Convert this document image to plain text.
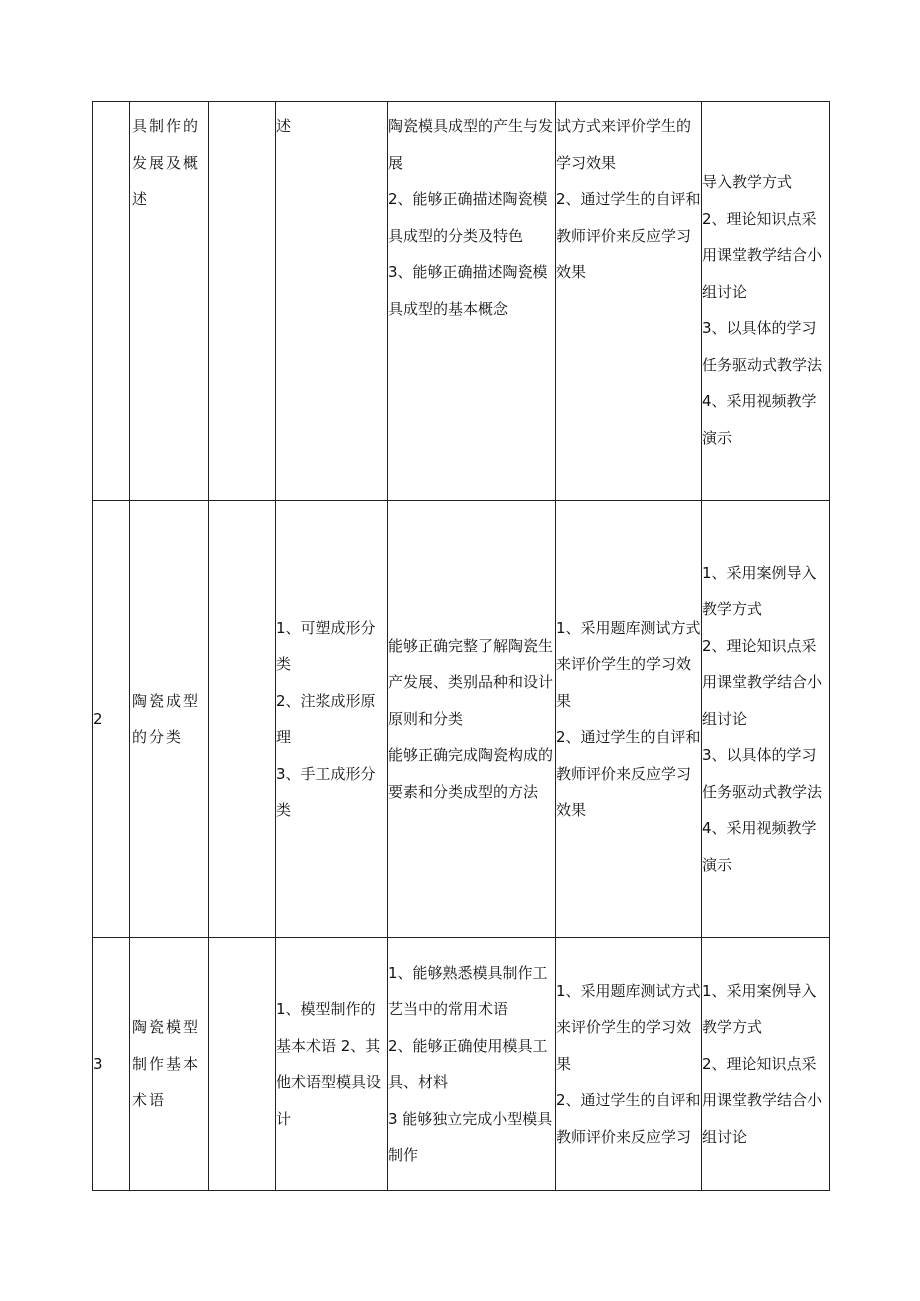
	具制作的发展及概述		述	陶瓷模具成型的产生与发展
2、能够正确描述陶瓷模具成型的分类及特色
3、能够正确描述陶瓷模具成型的基本概念	试方式来评价学生的学习效果
2、通过学生的自评和教师评价来反应学习效果	导入教学方式
2、理论知识点采用课堂教学结合小组讨论
3、以具体的学习任务驱动式教学法
4、采用视频教学演示

2	陶瓷成型的分类		1、可塑成形分类
2、注浆成形原理
3、手工成形分类	能够正确完整了解陶瓷生产发展、类别品种和设计原则和分类
能够正确完成陶瓷构成的要素和分类成型的方法	1、采用题库测试方式来评价学生的学习效果
2、通过学生的自评和教师评价来反应学习效果	1、采用案例导入教学方式
2、理论知识点采用课堂教学结合小组讨论
3、以具体的学习任务驱动式教学法
4、采用视频教学演示

3	陶瓷模型制作基本术语		1、模型制作的基本术语 2、其他术语型模具设计	1、能够熟悉模具制作工艺当中的常用术语
2、能够正确使用模具工具、材料
3 能够独立完成小型模具制作	1、采用题库测试方式来评价学生的学习效
果
2、通过学生的自评和教师评价来反应学习	1、采用案例导入教学方式
2、理论知识点采用课堂教学结合小组讨论
